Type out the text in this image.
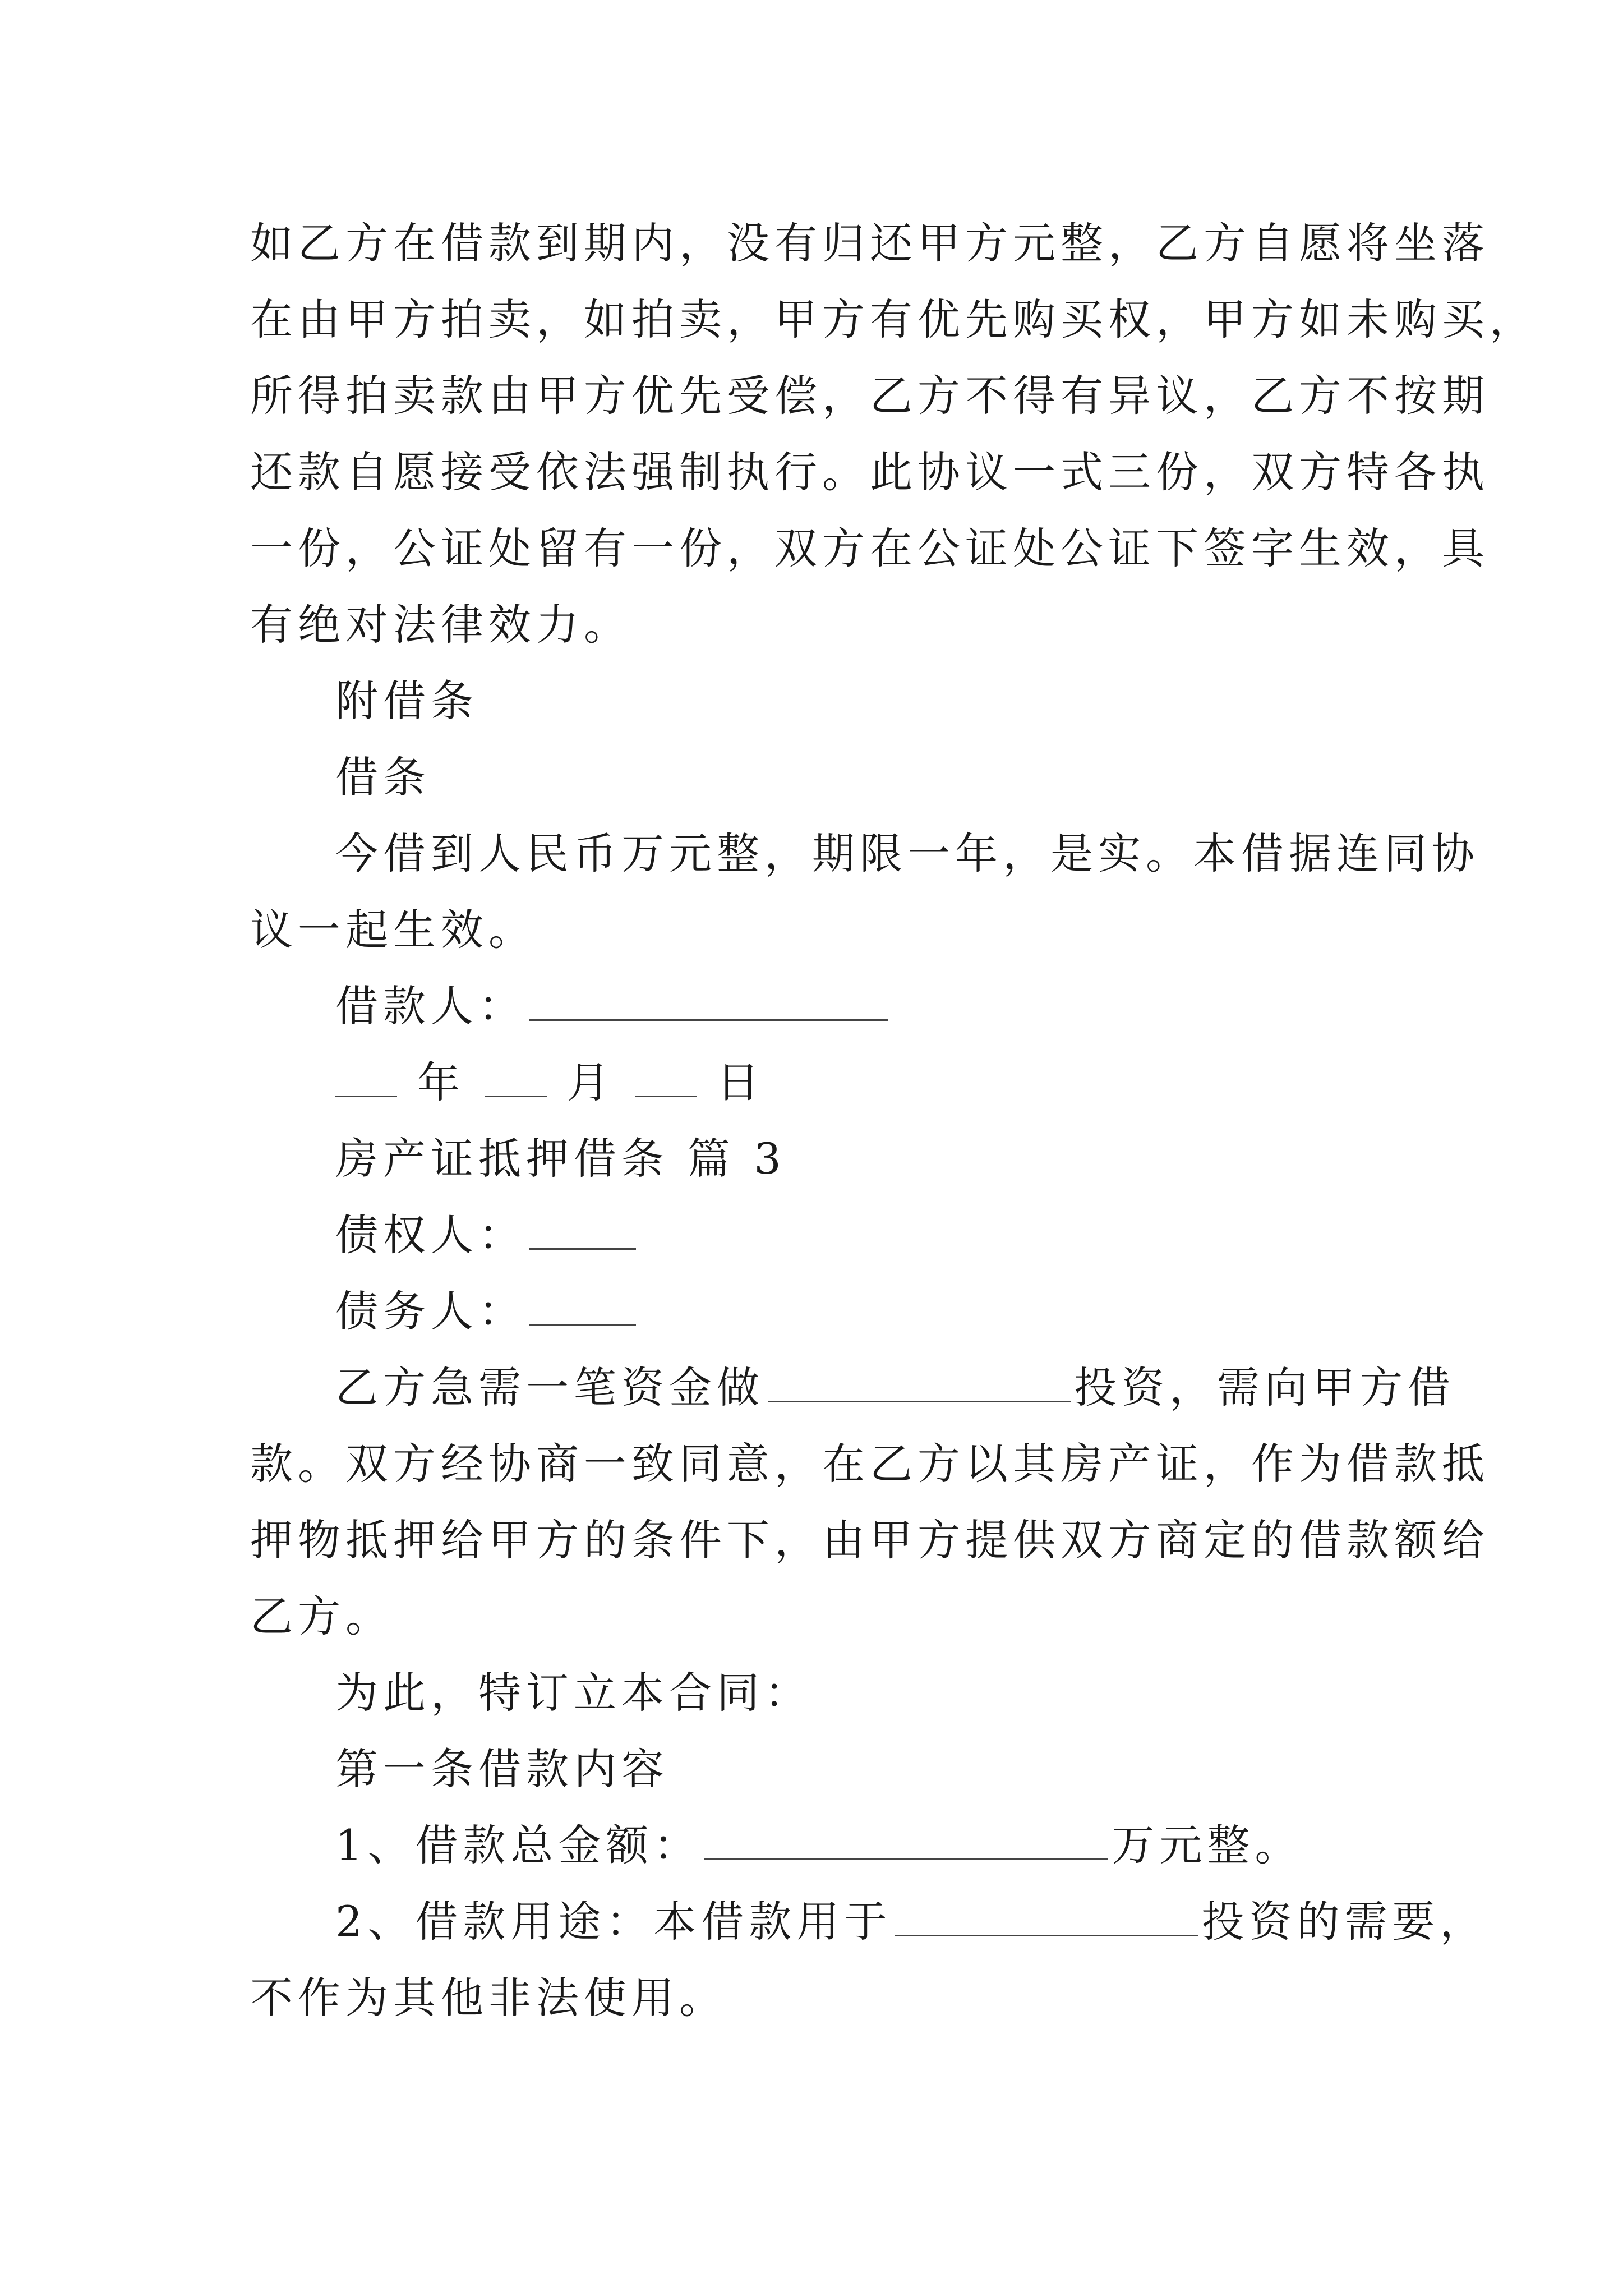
如乙方在借款到期内，没有归还甲方元整，乙方自愿将坐落
在由甲方拍卖，如拍卖，甲方有优先购买权，甲方如未购买，
所得拍卖款由甲方优先受偿，乙方不得有异议，乙方不按期
还款自愿接受依法强制执行。此协议一式三份，双方特各执
一份，公证处留有一份，双方在公证处公证下签字生效，具
有绝对法律效力。
附借条
借条
今借到人民币万元整，期限一年，是实。本借据连同协
议一起生效。
借款人：
年 月 日
房产证抵押借条 篇 3
债权人：
债务人：
乙方急需一笔资金做	投资，需向甲方借
款。双方经协商一致同意，在乙方以其房产证，作为借款抵
押物抵押给甲方的条件下，由甲方提供双方商定的借款额给
乙方。
为此，特订立本合同：
第一条借款内容
1、借款总金额：	万元整。
2、借款用途：本借款用于	投资的需要，
不作为其他非法使用。
